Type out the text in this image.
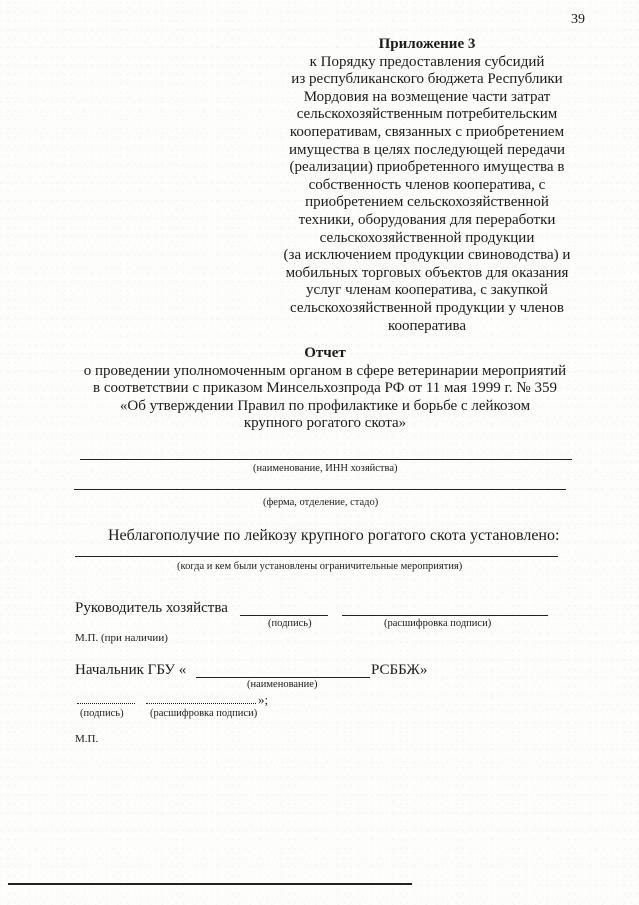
39
Приложение 3
к Порядку предоставления субсидий
из республиканского бюджета Республики
Мордовия на возмещение части затрат
сельскохозяйственным потребительским
кооперативам, связанных с приобретением
имущества в целях последующей передачи
(реализации) приобретенного имущества в
собственность членов кооператива, с
приобретением сельскохозяйственной
техники, оборудования для переработки
сельскохозяйственной продукции
(за исключением продукции свиноводства) и
мобильных торговых объектов для оказания
услуг членам кооператива, с закупкой
сельскохозяйственной продукции у членов
кооператива
Отчет
о проведении уполномоченным органом в сфере ветеринарии мероприятий
в соответствии с приказом Минсельхозпрода РФ от 11 мая 1999 г. № 359
«Об утверждении Правил по профилактике и борьбе с лейкозом
крупного рогатого скота»
(наименование, ИНН хозяйства)
(ферма, отделение, стадо)
Неблагополучие по лейкозу крупного рогатого скота установлено:
(когда и кем были установлены ограничительные мероприятия)
Руководитель хозяйства
(подпись)	(расшифровка подписи)
М.П. (при наличии)
Начальник ГБУ «	РСББЖ»
(наименование)
»;
(подпись)	(расшифровка подписи)
М.П.
